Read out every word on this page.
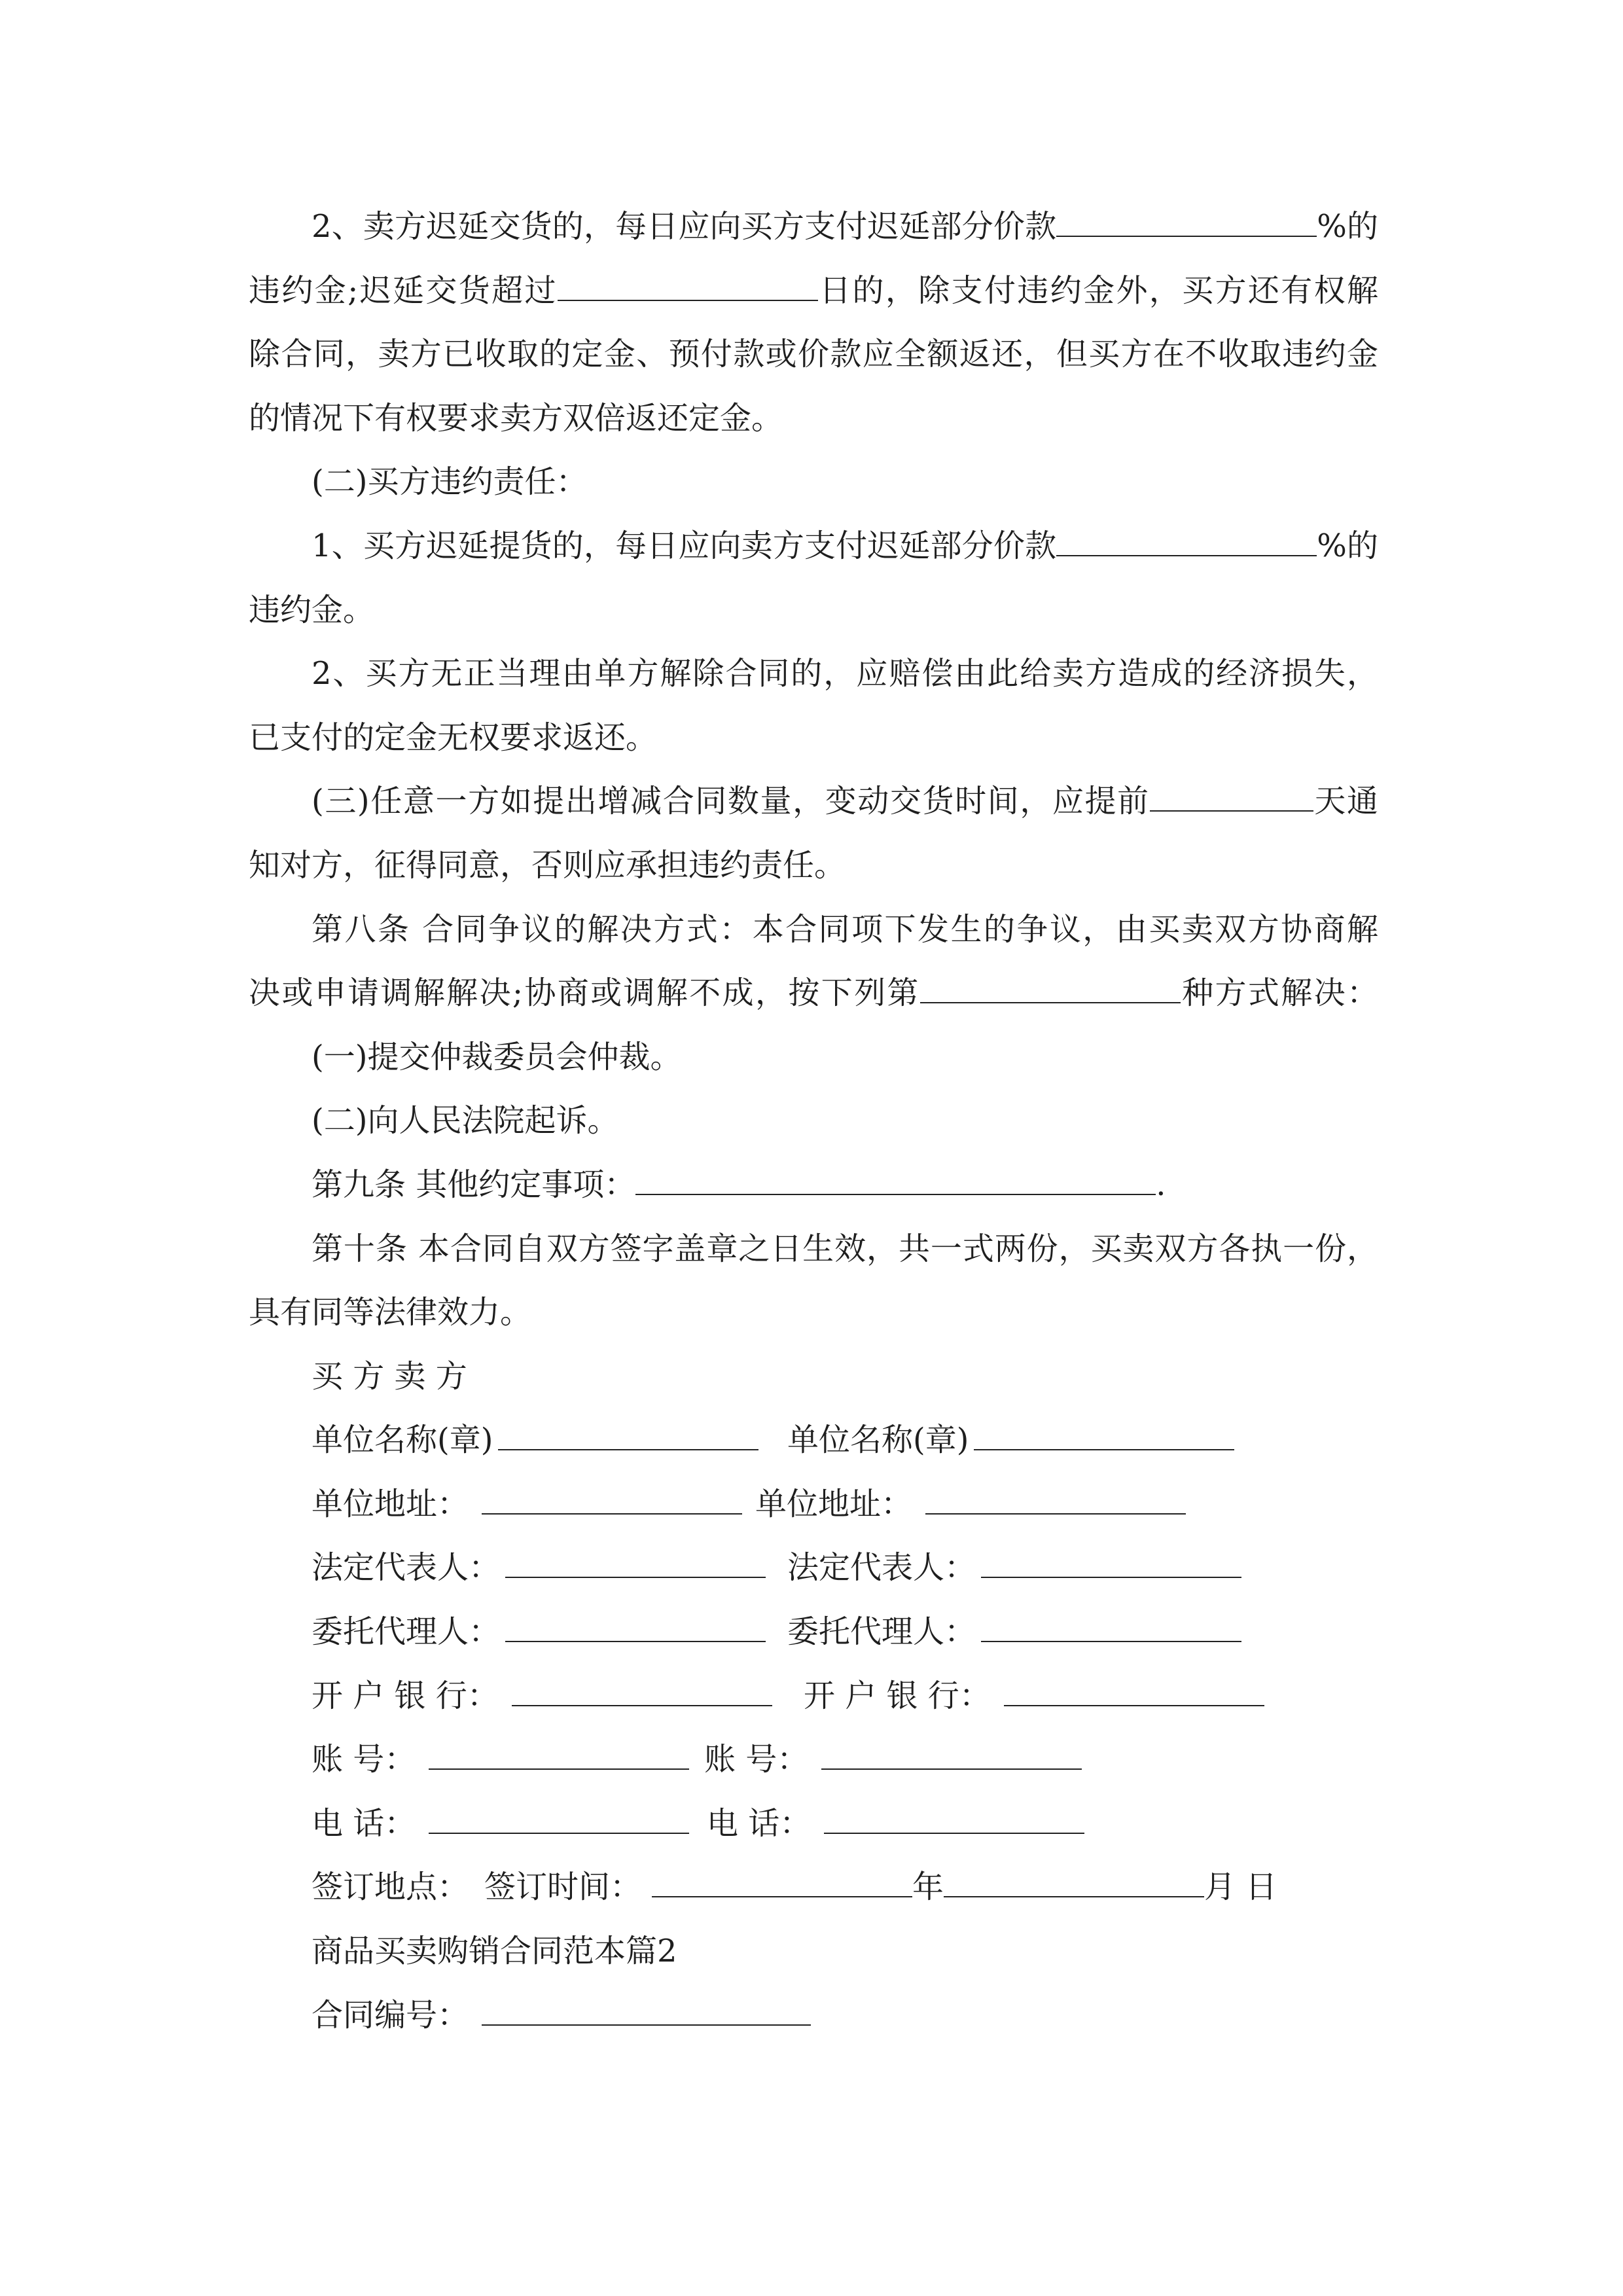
2、卖方迟延交货的，每日应向买方支付迟延部分价款	%的
违约金;迟延交货超过	日的，除支付违约金外，买方还有权解
除合同，卖方已收取的定金、预付款或价款应全额返还，但买方在不收取违约金
的情况下有权要求卖方双倍返还定金。
(二)买方违约责任：
1、买方迟延提货的，每日应向卖方支付迟延部分价款	%的
违约金。
2、买方无正当理由单方解除合同的，应赔偿由此给卖方造成的经济损失，
已支付的定金无权要求返还。
(三)任意一方如提出增减合同数量，变动交货时间，应提前	天通
知对方，征得同意，否则应承担违约责任。
第八条 合同争议的解决方式：本合同项下发生的争议，由买卖双方协商解
决或申请调解解决;协商或调解不成，按下列第	种方式解决：
(一)提交仲裁委员会仲裁。
(二)向人民法院起诉。
第九条 其他约定事项：	.
第十条 本合同自双方签字盖章之日生效，共一式两份，买卖双方各执一份，
具有同等法律效力。
买 方 卖 方
单位名称(章)	单位名称(章)
单位地址：	单位地址：
法定代表人：	法定代表人：
委托代理人：	委托代理人：
开 户 银 行：	开 户 银 行：
账 号：	账 号：
电 话：	电 话：
签订地点： 签订时间：	年	月 日
商品买卖购销合同范本篇2
合同编号：
